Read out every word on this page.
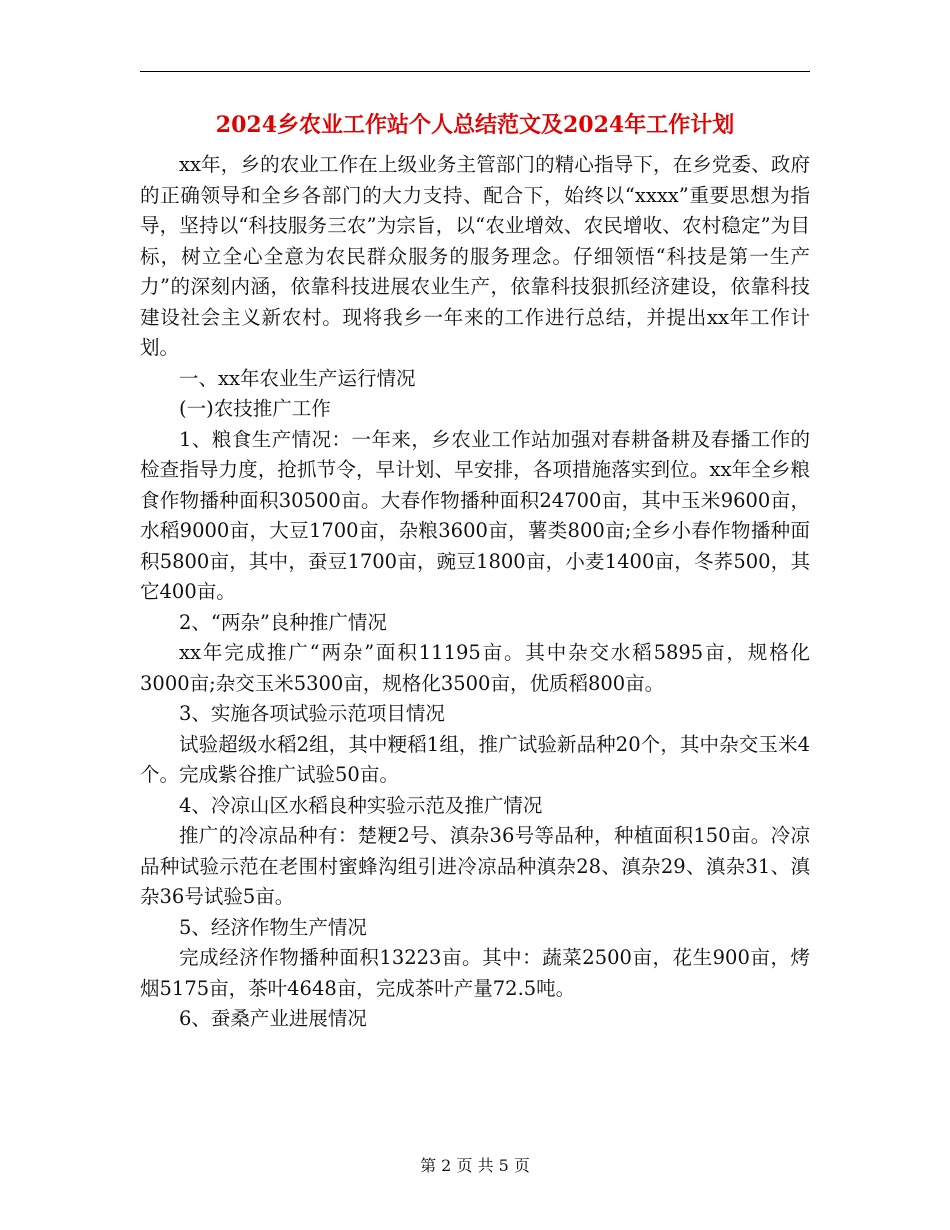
2024乡农业工作站个人总结范文及2024年工作计划

xx年，乡的农业工作在上级业务主管部门的精心指导下，在乡党委、政府的正确领导和全乡各部门的大力支持、配合下，始终以“xxxx”重要思想为指导，坚持以“科技服务三农”为宗旨，以“农业增效、农民增收、农村稳定”为目标，树立全心全意为农民群众服务的服务理念。仔细领悟“科技是第一生产力”的深刻内涵，依靠科技进展农业生产，依靠科技狠抓经济建设，依靠科技建设社会主义新农村。现将我乡一年来的工作进行总结，并提出xx年工作计划。

一、xx年农业生产运行情况

(一)农技推广工作

1、粮食生产情况：一年来，乡农业工作站加强对春耕备耕及春播工作的检查指导力度，抢抓节令，早计划、早安排，各项措施落实到位。xx年全乡粮食作物播种面积30500亩。大春作物播种面积24700亩，其中玉米9600亩，水稻9000亩，大豆1700亩，杂粮3600亩，薯类800亩;全乡小春作物播种面积5800亩，其中，蚕豆1700亩，豌豆1800亩，小麦1400亩，冬荞500，其它400亩。

2、“两杂”良种推广情况

xx年完成推广“两杂”面积11195亩。其中杂交水稻5895亩，规格化3000亩;杂交玉米5300亩，规格化3500亩，优质稻800亩。

3、实施各项试验示范项目情况

试验超级水稻2组，其中粳稻1组，推广试验新品种20个，其中杂交玉米4个。完成紫谷推广试验50亩。

4、冷凉山区水稻良种实验示范及推广情况

推广的冷凉品种有：楚粳2号、滇杂36号等品种，种植面积150亩。冷凉品种试验示范在老围村蜜蜂沟组引进冷凉品种滇杂28、滇杂29、滇杂31、滇杂36号试验5亩。

5、经济作物生产情况

完成经济作物播种面积13223亩。其中：蔬菜2500亩，花生900亩，烤烟5175亩，茶叶4648亩，完成茶叶产量72.5吨。

6、蚕桑产业进展情况

第 2 页 共 5 页
